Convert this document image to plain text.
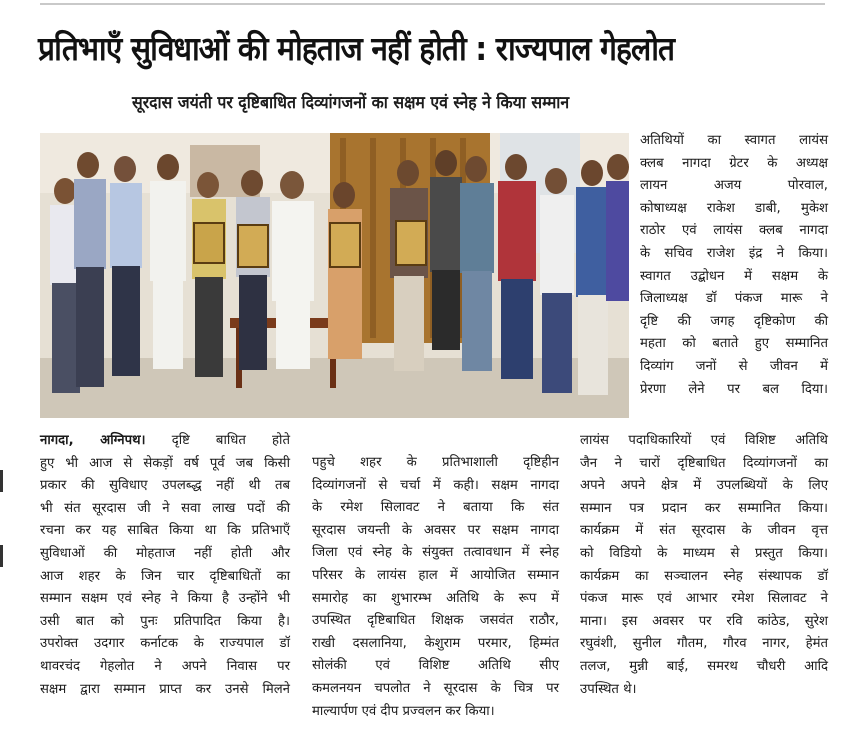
प्रतिभाएँ सुविधाओं की मोहताज नहीं होती : राज्यपाल गेहलोत
सूरदास जयंती पर दृष्टिबाधित दिव्यांगजनों का सक्षम एवं स्नेह ने किया सम्मान

अतिथियों का स्वागत लायंस

क्लब नागदा ग्रेटर के अध्यक्ष

लायन अजय पोरवाल,

कोषाध्यक्ष राकेश डाबी, मुकेश

राठोर एवं लायंस क्लब नागदा

के सचिव राजेश इंद्र ने किया।

स्वागत उद्बोधन में सक्षम के

जिलाध्यक्ष डॉ पंकज मारू ने

दृष्टि की जगह दृष्टिकोण की

महता को बताते हुए सम्मानित

दिव्यांग जनों से जीवन में

प्रेरणा लेने पर बल दिया।

नागदा, अग्निपथ। दृष्टि बाधित होते

हुए भी आज से सेकड़ों वर्ष पूर्व जब किसी

प्रकार की सुविधाए उपलब्द्ध नहीं थी तब

भी संत सूरदास जी ने सवा लाख पदों की

रचना कर यह साबित किया था कि प्रतिभाएँ

सुविधाओं की मोहताज नहीं होती और

आज शहर के जिन चार दृष्टिबाधितों का

सम्मान सक्षम एवं स्नेह ने किया है उन्होंने भी

उसी बात को पुनः प्रतिपादित किया है।

उपरोक्त उदगार कर्नाटक के राज्यपाल डॉ

थावरचंद गेहलोत ने अपने निवास पर

सक्षम द्वारा सम्मान प्राप्त कर उनसे मिलने

पहुचे शहर के प्रतिभाशाली दृष्टिहीन

दिव्यांगजनों से चर्चा में कही। सक्षम नागदा

के रमेश सिलावट ने बताया कि संत

सूरदास जयन्ती के अवसर पर सक्षम नागदा

जिला एवं स्नेह के संयुक्त तत्वावधान में स्नेह

परिसर के लायंस हाल में आयोजित सम्मान

समारोह का शुभारम्भ अतिथि के रूप में

उपस्थित दृष्टिबाधित शिक्षक जसवंत राठौर,

राखी दसलानिया, केशुराम परमार, हिम्मंत

सोलंकी एवं विशिष्ट अतिथि सीए

कमलनयन चपलोत ने सूरदास के चित्र पर

माल्यार्पण एवं दीप प्रज्वलन कर किया।

लायंस पदाधिकारियों एवं विशिष्ट अतिथि

जैन ने चारों दृष्टिबाधित दिव्यांगजनों का

अपने अपने क्षेत्र में उपलब्धियों के लिए

सम्मान पत्र प्रदान कर सम्मानित किया।

कार्यक्रम में संत सूरदास के जीवन वृत्त

को विडियो के माध्यम से प्रस्तुत किया।

कार्यक्रम का सञ्चालन स्नेह संस्थापक डॉ

पंकज मारू एवं आभार रमेश सिलावट ने

माना। इस अवसर पर रवि कांठेड, सुरेश

रघुवंशी, सुनील गौतम, गौरव नागर, हेमंत

तलज, मुन्नी बाई, समरथ चौधरी आदि

उपस्थित थे।
